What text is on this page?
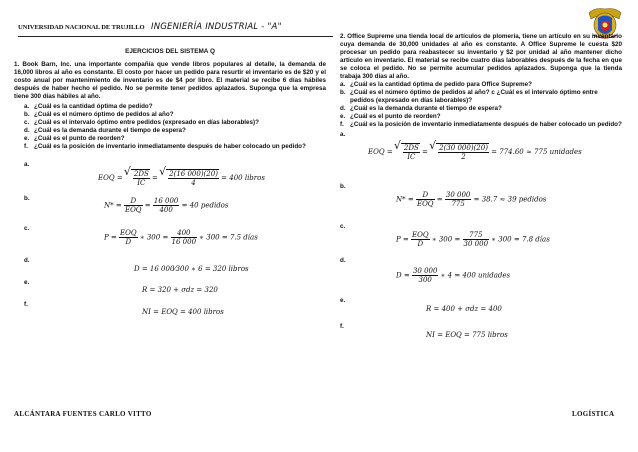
UNIVERSIDAD NACIONAL DE TRUJILLO INGENIERÍA INDUSTRIAL - "A"
EJERCICIOS DEL SISTEMA Q
1. Book Barn, Inc. una importante compañía que vende libros populares al detalle, la demanda de 16,000 libros al año es constante. El costo por hacer un pedido para resurtir el inventario es de $20 y el costo anual por mantenimiento de inventario es de $4 por libro. El material se recibe 6 días hábiles después de haber hecho el pedido. No se permite tener pedidos aplazados. Suponga que la empresa tiene 300 días hábiles al año.
a. ¿Cuál es la cantidad óptima de pedido?
b. ¿Cuál es el número óptimo de pedidos al año?
c. ¿Cuál es el intervalo óptimo entre pedidos (expresado en días laborables)?
d. ¿Cuál es la demanda durante el tiempo de espera?
e. ¿Cuál es el punto de reorden?
f. ¿Cuál es la posición de inventario inmediatamente después de haber colocado un pedido?
a.
EOQ = √ $\frac{2DS}{IC}$ = √ $\frac{2(16 000)(20)}{4} = 400$ libros
b.
$N* = \frac{D}{\text{EOQ}} = \frac{16 000}{400} = 40$ pedidos
c.
$P = \frac{\text{EOQ}}{D}$ ∗ $300 = \frac{400}{16 000}$ ∗ 300 = 7.5 días
d.
D = 16 000⁄300 ∗ 6 = 320 libros
e.
R = 320 + σdz = 320
f.
NI = EOQ = 400 libros
2. Office Supreme una tienda local de artículos de plomería, tiene un artículo en su inventario cuya demanda de 30,000 unidades al año es constante. A Office Supreme le cuesta $20 procesar un pedido para reabastecer su inventario y $2 por unidad al año mantener dicho artículo en inventario. El material se recibe cuatro días laborables después de la fecha en que se coloca el pedido. No se permite acumular pedidos aplazados. Suponga que la tienda trabaja 300 días al año.
a. ¿Cuál es la cantidad óptima de pedido para Office Supreme?
b. ¿Cuál es el número óptimo de pedidos al año? c ¿Cuál es el intervalo óptimo entre pedidos (expresado en días laborables)?
d. ¿Cuál es la demanda durante el tiempo de espera?
e. ¿Cuál es el punto de reorden?
f. ¿Cuál es la posición de inventario inmediatamente después de haber colocado un pedido?
a.
EOQ = √ $\frac{2DS}{IC}$ = √ $\frac{2(30 000)(20)}{2} = 774.60 \approx 775$ unidades
b.
$N* = \frac{D}{\text{EOQ}} = \frac{30 000}{775} = 38.7 \approx 39$ pedidos
c.
$P = \frac{\text{EOQ}}{D}$ ∗ $300 = \frac{775}{30 000}$ ∗ 300 = 7.8 días
d.
$D = \frac{30 000}{300}$ ∗ 4 = 400 unidades
e.
R = 400 + σdz = 400
f.
NI = EOQ = 775 libros
ALCÁNTARA FUENTES CARLO VITTO	LOGÍSTICA
